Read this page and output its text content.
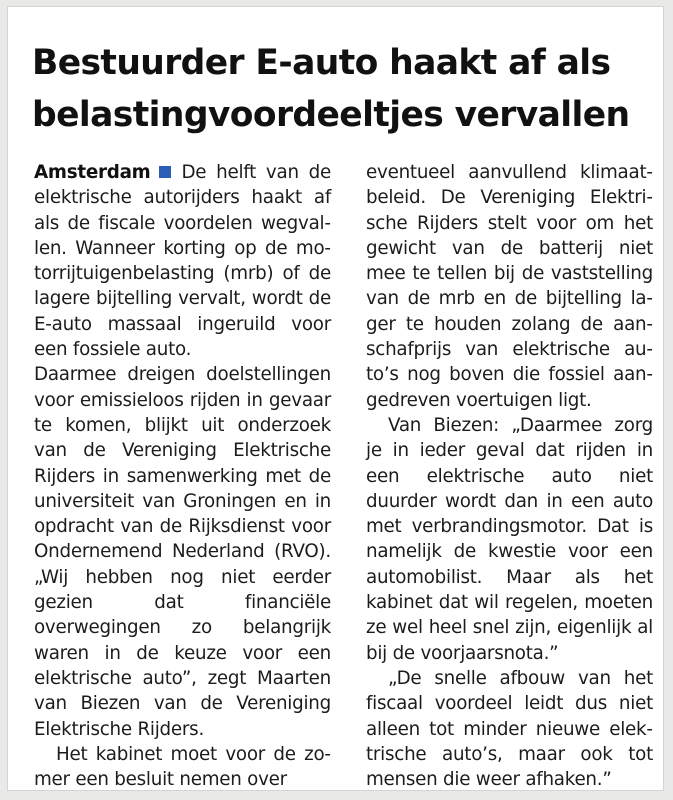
Bestuurder E-auto haakt af als
belastingvoordeeltjes vervallen

Amsterdam De helft van de elektrische autorijders haakt af als de fiscale voordelen wegvallen. Wanneer korting op de motorrijtuigenbelasting (mrb) of de lagere bijtelling vervalt, wordt de E-auto massaal ingeruild voor een fossiele auto.

Daarmee dreigen doelstellingen voor emissieloos rijden in gevaar te komen, blijkt uit onderzoek van de Vereniging Elektrische Rijders in samenwerking met de universiteit van Groningen en in opdracht van de Rijksdienst voor Ondernemend Nederland (RVO). „Wij hebben nog niet eerder gezien dat financiële overwegingen zo belangrijk waren in de keuze voor een elektrische auto”, zegt Maarten van Biezen van de Vereniging Elektrische Rijders.

Het kabinet moet voor de zomer een besluit nemen over

eventueel aanvullend klimaatbeleid. De Vereniging Elektrische Rijders stelt voor om het gewicht van de batterij niet mee te tellen bij de vaststelling van de mrb en de bijtelling lager te houden zolang de aanschafprijs van elektrische auto’s nog boven die fossiel aangedreven voertuigen ligt.

Van Biezen: „Daarmee zorg je in ieder geval dat rijden in een elektrische auto niet duurder wordt dan in een auto met verbrandingsmotor. Dat is namelijk de kwestie voor een automobilist. Maar als het kabinet dat wil regelen, moeten ze wel heel snel zijn, eigenlijk al bij de voorjaarsnota.”

„De snelle afbouw van het fiscaal voordeel leidt dus niet alleen tot minder nieuwe elektrische auto’s, maar ook tot mensen die weer afhaken.”
